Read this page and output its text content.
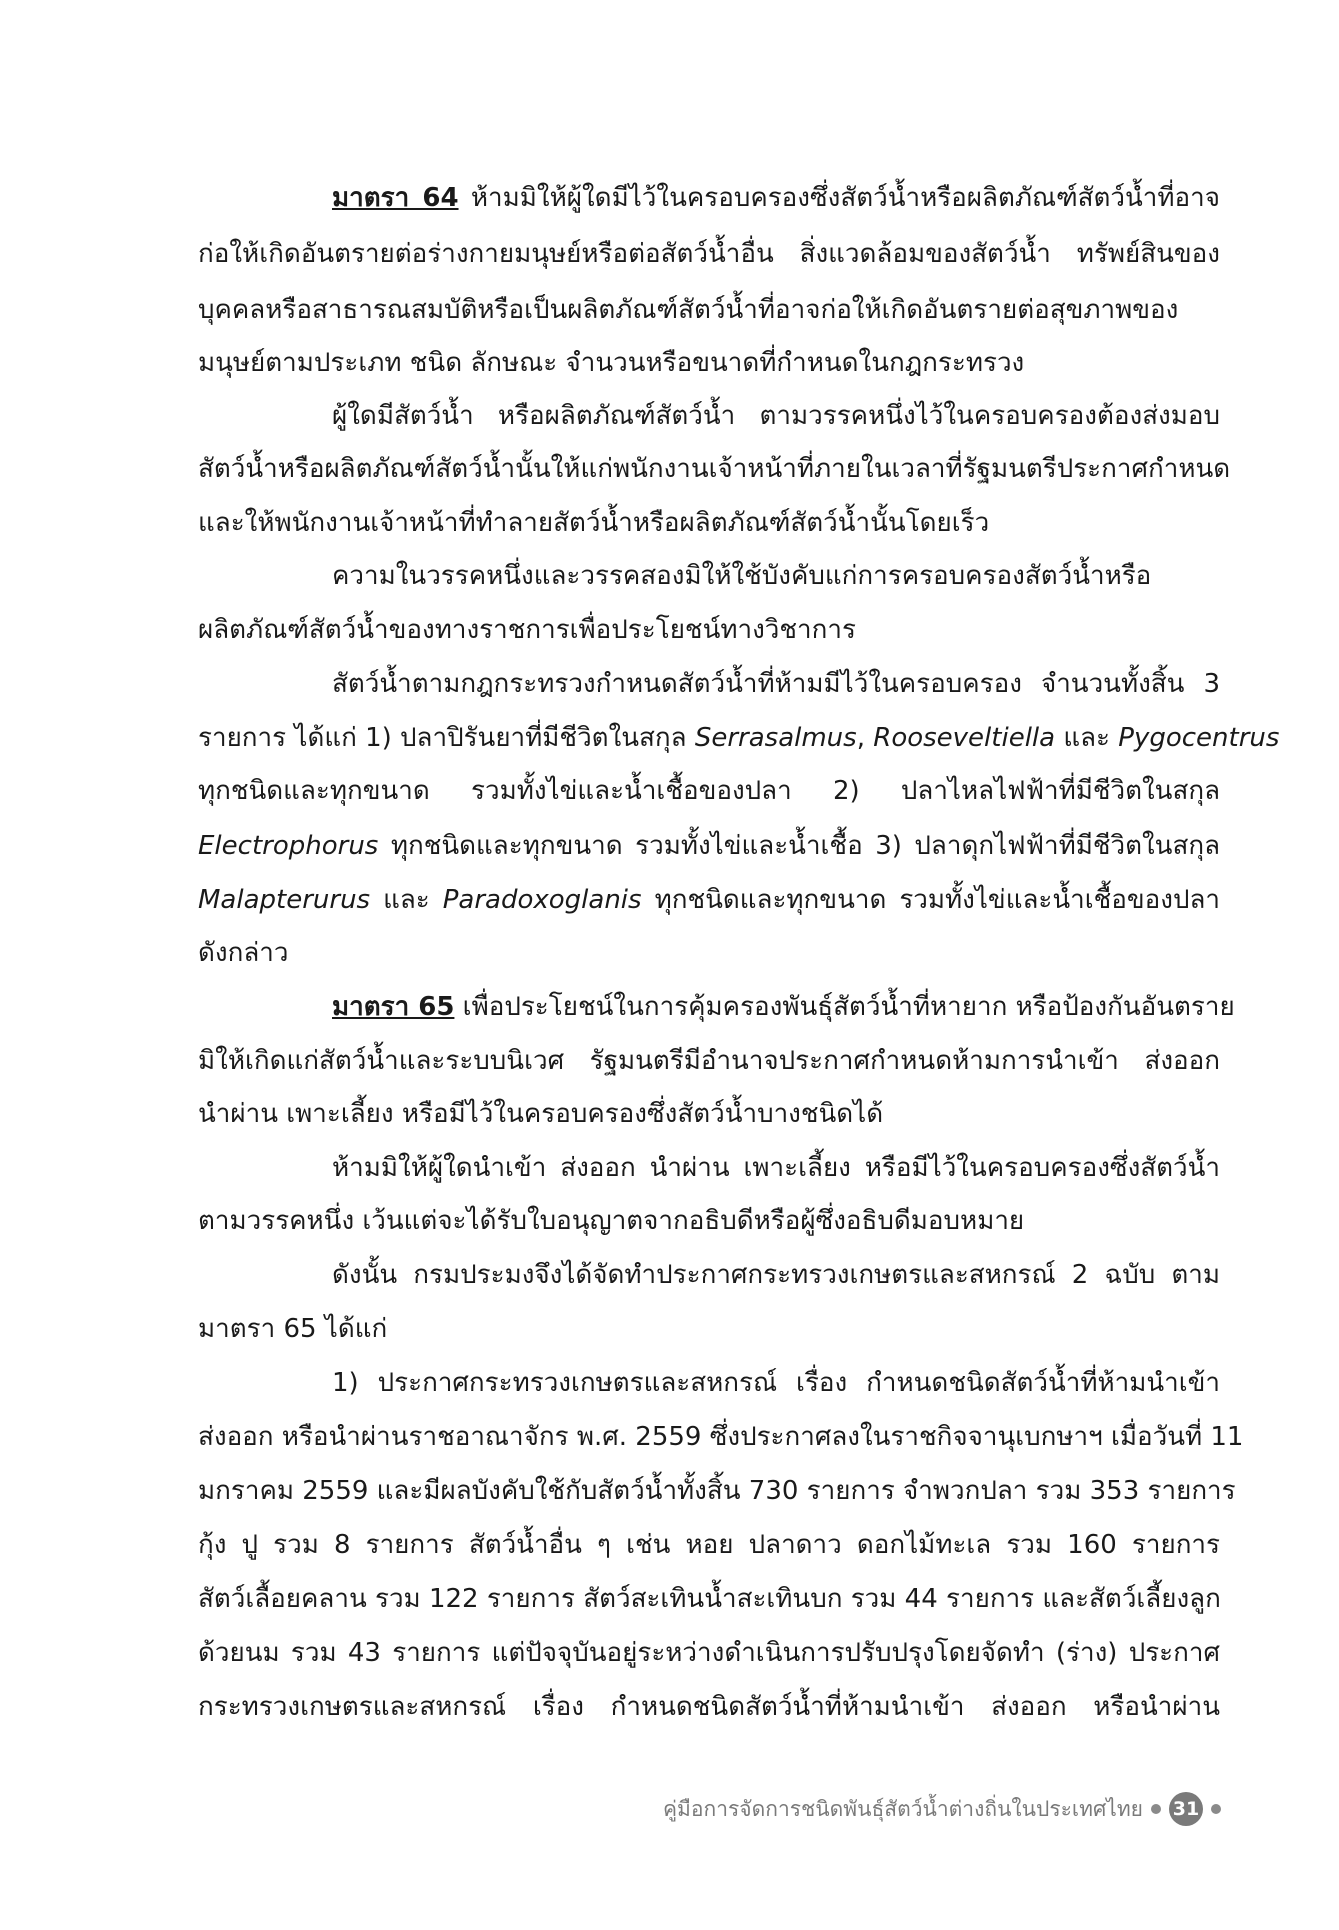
มาตรา 64 ห้ามมิให้ผู้ใดมีไว้ในครอบครองซึ่งสัตว์น้ำหรือผลิตภัณฑ์สัตว์น้ำที่อาจ
ก่อให้เกิดอันตรายต่อร่างกายมนุษย์หรือต่อสัตว์น้ำอื่น สิ่งแวดล้อมของสัตว์น้ำ ทรัพย์สินของ
บุคคลหรือสาธารณสมบัติหรือเป็นผลิตภัณฑ์สัตว์น้ำที่อาจก่อให้เกิดอันตรายต่อสุขภาพของ
มนุษย์ตามประเภท ชนิด ลักษณะ จำนวนหรือขนาดที่กำหนดในกฎกระทรวง
ผู้ใดมีสัตว์น้ำ หรือผลิตภัณฑ์สัตว์น้ำ ตามวรรคหนึ่งไว้ในครอบครองต้องส่งมอบ
สัตว์น้ำหรือผลิตภัณฑ์สัตว์น้ำนั้นให้แก่พนักงานเจ้าหน้าที่ภายในเวลาที่รัฐมนตรีประกาศกำหนด
และให้พนักงานเจ้าหน้าที่ทำลายสัตว์น้ำหรือผลิตภัณฑ์สัตว์น้ำนั้นโดยเร็ว
ความในวรรคหนึ่งและวรรคสองมิให้ใช้บังคับแก่การครอบครองสัตว์น้ำหรือ
ผลิตภัณฑ์สัตว์น้ำของทางราชการเพื่อประโยชน์ทางวิชาการ
สัตว์น้ำตามกฎกระทรวงกำหนดสัตว์น้ำที่ห้ามมีไว้ในครอบครอง จำนวนทั้งสิ้น 3
รายการ ได้แก่ 1) ปลาปิรันยาที่มีชีวิตในสกุล Serrasalmus, Rooseveltiella และ Pygocentrus
ทุกชนิดและทุกขนาด รวมทั้งไข่และน้ำเชื้อของปลา 2) ปลาไหลไฟฟ้าที่มีชีวิตในสกุล
Electrophorus ทุกชนิดและทุกขนาด รวมทั้งไข่และน้ำเชื้อ 3) ปลาดุกไฟฟ้าที่มีชีวิตในสกุล
Malapterurus และ Paradoxoglanis ทุกชนิดและทุกขนาด รวมทั้งไข่และน้ำเชื้อของปลา
ดังกล่าว
มาตรา 65 เพื่อประโยชน์ในการคุ้มครองพันธุ์สัตว์น้ำที่หายาก หรือป้องกันอันตราย
มิให้เกิดแก่สัตว์น้ำและระบบนิเวศ รัฐมนตรีมีอำนาจประกาศกำหนดห้ามการนำเข้า ส่งออก
นำผ่าน เพาะเลี้ยง หรือมีไว้ในครอบครองซึ่งสัตว์น้ำบางชนิดได้
ห้ามมิให้ผู้ใดนำเข้า ส่งออก นำผ่าน เพาะเลี้ยง หรือมีไว้ในครอบครองซึ่งสัตว์น้ำ
ตามวรรคหนึ่ง เว้นแต่จะได้รับใบอนุญาตจากอธิบดีหรือผู้ซึ่งอธิบดีมอบหมาย
ดังนั้น กรมประมงจึงได้จัดทำประกาศกระทรวงเกษตรและสหกรณ์ 2 ฉบับ ตาม
มาตรา 65 ได้แก่
1) ประกาศกระทรวงเกษตรและสหกรณ์ เรื่อง กำหนดชนิดสัตว์น้ำที่ห้ามนำเข้า
ส่งออก หรือนำผ่านราชอาณาจักร พ.ศ. 2559 ซึ่งประกาศลงในราชกิจจานุเบกษาฯ เมื่อวันที่ 11
มกราคม 2559 และมีผลบังคับใช้กับสัตว์น้ำทั้งสิ้น 730 รายการ จำพวกปลา รวม 353 รายการ
กุ้ง ปู รวม 8 รายการ สัตว์น้ำอื่น ๆ เช่น หอย ปลาดาว ดอกไม้ทะเล รวม 160 รายการ
สัตว์เลื้อยคลาน รวม 122 รายการ สัตว์สะเทินน้ำสะเทินบก รวม 44 รายการ และสัตว์เลี้ยงลูก
ด้วยนม รวม 43 รายการ แต่ปัจจุบันอยู่ระหว่างดำเนินการปรับปรุงโดยจัดทำ (ร่าง) ประกาศ
กระทรวงเกษตรและสหกรณ์ เรื่อง กำหนดชนิดสัตว์น้ำที่ห้ามนำเข้า ส่งออก หรือนำผ่าน
คู่มือการจัดการชนิดพันธุ์สัตว์น้ำต่างถิ่นในประเทศไทย 31
